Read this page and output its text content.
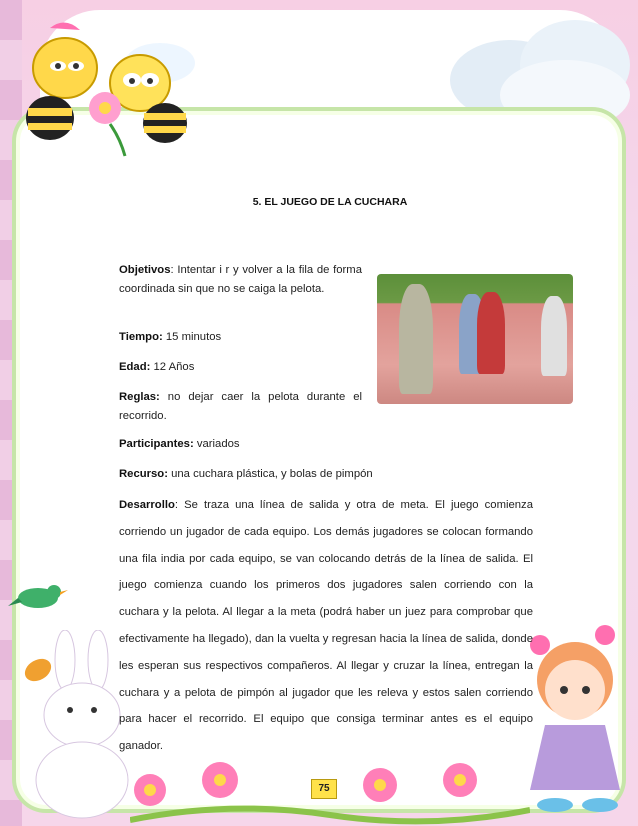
5. EL JUEGO DE LA CUCHARA
Objetivos: Intentar i r y volver a la fila de forma coordinada sin que no se caiga la pelota.
Tiempo: 15 minutos
Edad: 12 Años
Reglas: no dejar caer la pelota durante el recorrido.
Participantes: variados
Recurso: una cuchara plástica, y bolas de pimpón
Desarrollo: Se traza una línea de salida y otra de meta. El juego comienza corriendo un jugador de cada equipo. Los demás jugadores se colocan formando una fila india por cada equipo, se van colocando detrás de la línea de salida. El juego comienza cuando los primeros dos jugadores salen corriendo con la cuchara y la pelota. Al llegar a la meta (podrá haber un juez para comprobar que efectivamente ha llegado), dan la vuelta y regresan hacia la línea de salida, donde les esperan sus respectivos compañeros. Al llegar y cruzar la línea, entregan la cuchara y a pelota de pimpón al jugador que les releva y estos salen corriendo para hacer el recorrido. El equipo que consiga terminar antes es el equipo ganador.
75
